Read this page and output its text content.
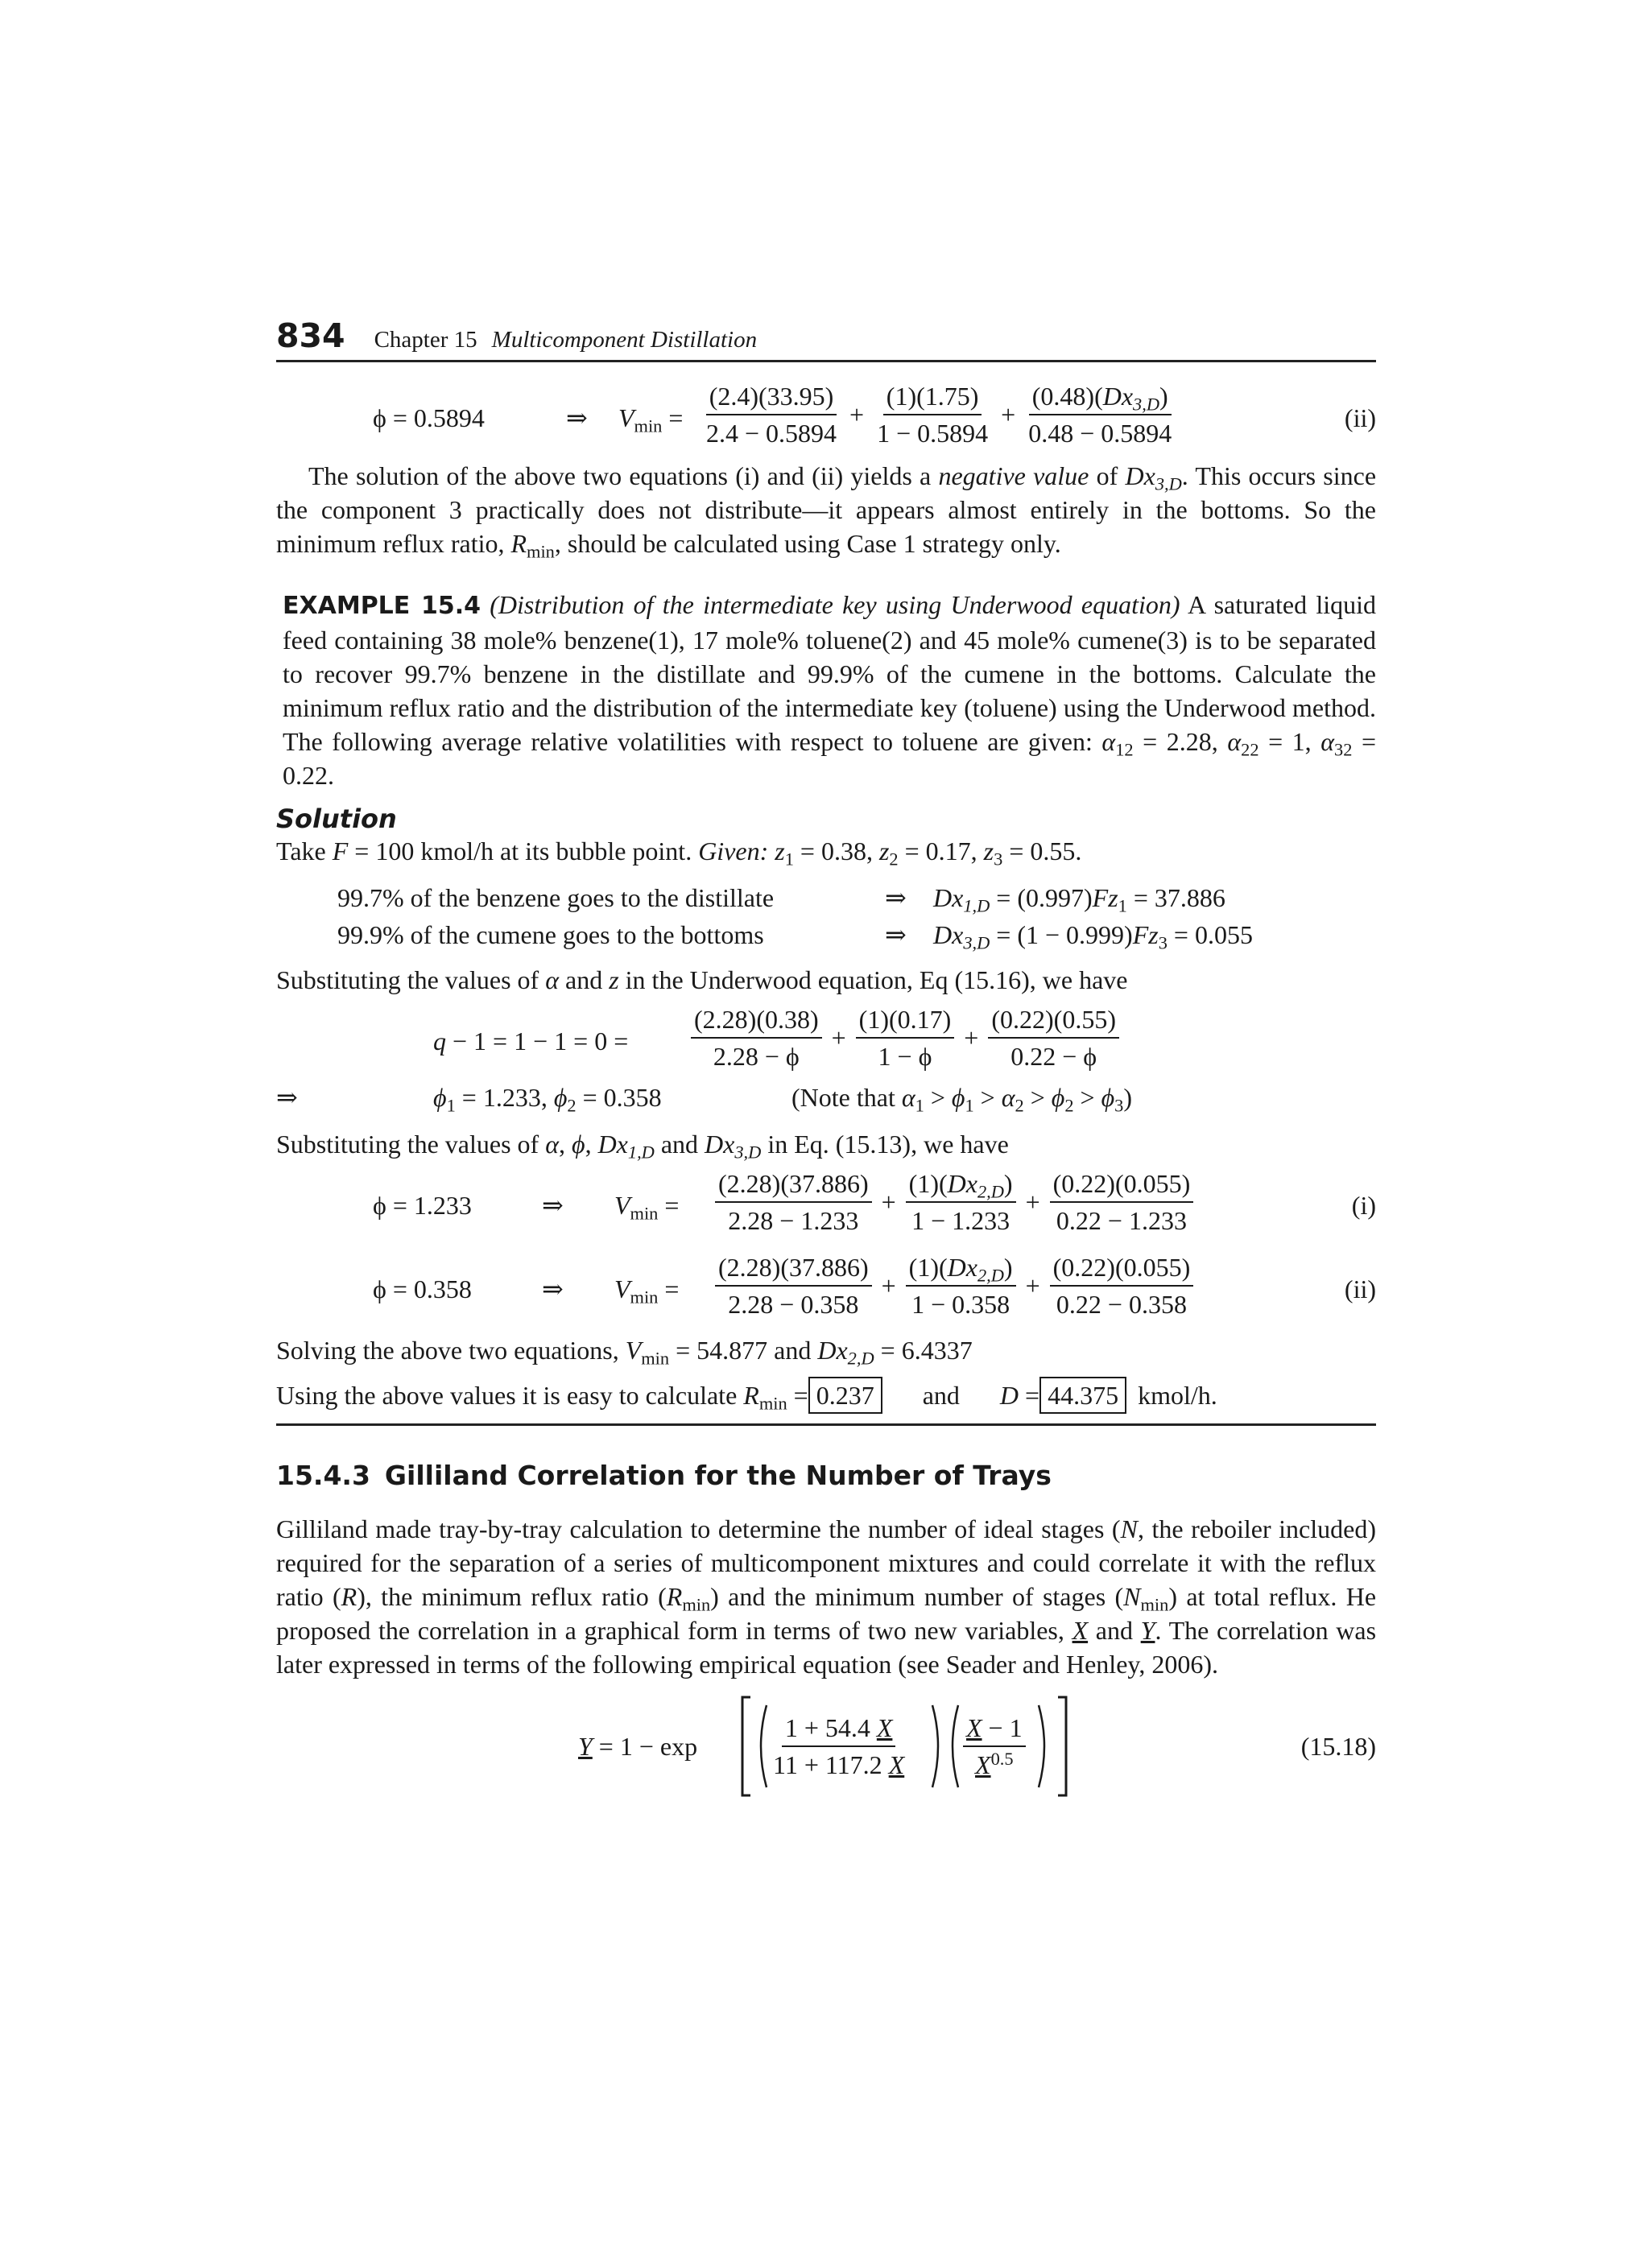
834 Chapter 15 Multicomponent Distillation
ϕ = 0.5894	⇒ $V_{min} = \frac{(2.4)(33.95)}{2.4 - 0.5894} + \frac{(1)(1.75)}{1 - 0.5894} + \frac{(0.48)(Dx_{3,D})}{0.48 - 0.5894}$	(ii)
The solution of the above two equations (i) and (ii) yields a negative value of $Dx_{3,D}$. This occurs since the component 3 practically does not distribute—it appears almost entirely in the bottoms. So the minimum reflux ratio, $R_{min}$, should be calculated using Case 1 strategy only.
EXAMPLE 15.4 (Distribution of the intermediate key using Underwood equation) A saturated liquid feed containing 38 mole% benzene(1), 17 mole% toluene(2) and 45 mole% cumene(3) is to be separated to recover 99.7% benzene in the distillate and 99.9% of the cumene in the bottoms. Calculate the minimum reflux ratio and the distribution of the intermediate key (toluene) using the Underwood method. The following average relative volatilities with respect to toluene are given: $\alpha_{12} = 2.28$, $\alpha_{22} = 1$, $\alpha_{32} = 0.22$.
Solution
Take F = 100 kmol/h at its bubble point. Given: $z_1 = 0.38$, $z_2 = 0.17$, $z_3 = 0.55$.
99.7% of the benzene goes to the distillate	⇒	$Dx_{1,D} = (0.997)Fz_1 = 37.886$
99.9% of the cumene goes to the bottoms	⇒	$Dx_{3,D} = (1 - 0.999)Fz_3 = 0.055$
Substituting the values of α and z in the Underwood equation, Eq (15.16), we have
$q - 1 = 1 - 1 = 0 = \frac{(2.28)(0.38)}{2.28 - \phi} + \frac{(1)(0.17)}{1 - \phi} + \frac{(0.22)(0.55)}{0.22 - \phi}$
⇒	$\phi_1 = 1.233$, $\phi_2 = 0.358$	(Note that $\alpha_1 > \phi_1 > \alpha_2 > \phi_2 > \phi_3$)
Substituting the values of α, ϕ, $Dx_{1,D}$ and $Dx_{3,D}$ in Eq. (15.13), we have
ϕ = 1.233	⇒ $V_{min} = \frac{(2.28)(37.886)}{2.28 - 1.233} + \frac{(1)(Dx_{2,D})}{1 - 1.233} + \frac{(0.22)(0.055)}{0.22 - 1.233}$	(i)
ϕ = 0.358	⇒ $V_{min} = \frac{(2.28)(37.886)}{2.28 - 0.358} + \frac{(1)(Dx_{2,D})}{1 - 0.358} + \frac{(0.22)(0.055)}{0.22 - 0.358}$	(ii)
Solving the above two equations, $V_{min} = 54.877$ and $Dx_{2,D} = 6.4337$
Using the above values it is easy to calculate $R_{min} = 0.237$	and D = 44.375 kmol/h.
15.4.3 Gilliland Correlation for the Number of Trays
Gilliland made tray-by-tray calculation to determine the number of ideal stages (N, the reboiler included) required for the separation of a series of multicomponent mixtures and could correlate it with the reflux ratio (R), the minimum reflux ratio $(R_{min})$ and the minimum number of stages $(N_{min})$ at total reflux. He proposed the correlation in a graphical form in terms of two new variables, X and Y. The correlation was later expressed in terms of the following empirical equation (see Seader and Henley, 2006).
Y = 1 − exp	$\frac{1 + 54.4 X}{11 + 117.2 X} \frac{X - 1}{X^{0.5}}$	(15.18)
